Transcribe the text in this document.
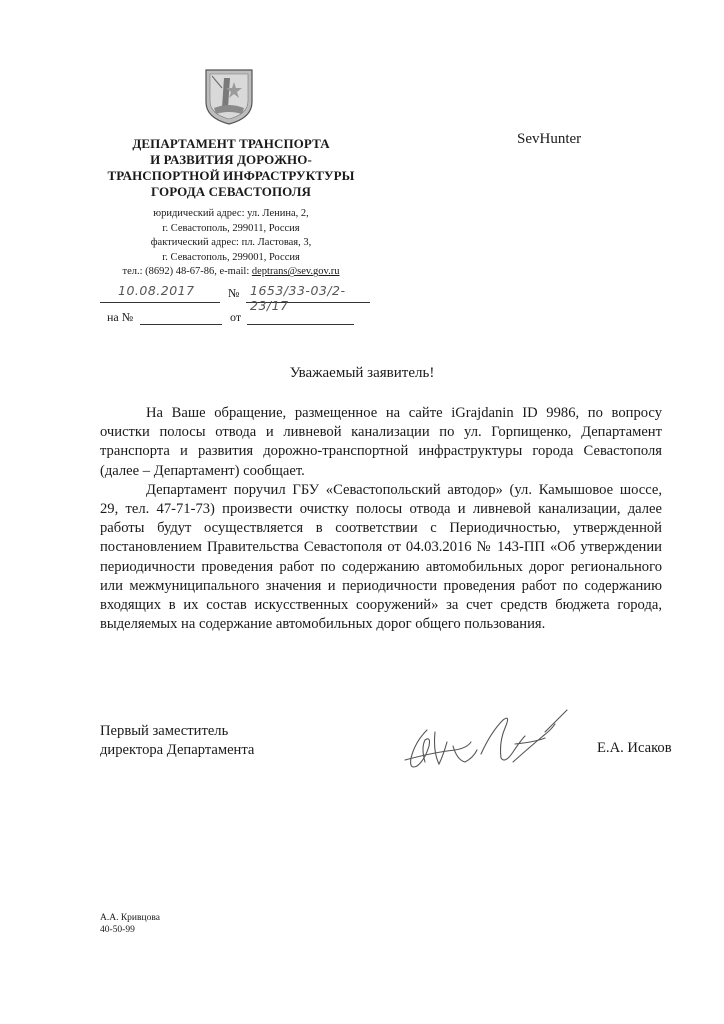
ДЕПАРТАМЕНТ ТРАНСПОРТА
И РАЗВИТИЯ ДОРОЖНО-
ТРАНСПОРТНОЙ ИНФРАСТРУКТУРЫ
ГОРОДА СЕВАСТОПОЛЯ
юридический адрес: ул. Ленина, 2,
г. Севастополь, 299011, Россия
фактический адрес: пл. Ластовая, 3,
г. Севастополь, 299001, Россия
тел.: (8692) 48-67-86, e-mail: deptrans@sev.gov.ru
SevHunter
10.08.2017	№ 1653/33-03/2-23/17
на №	от
Уважаемый заявитель!

На Ваше обращение, размещенное на сайте iGrajdanin ID 9986, по вопросу очистки полосы отвода и ливневой канализации по ул. Горпищенко, Департамент транспорта и развития дорожно-транспортной инфраструктуры города Севастополя (далее – Департамент) сообщает.

Департамент поручил ГБУ «Севастопольский автодор» (ул. Камышовое шоссе, 29, тел. 47-71-73) произвести очистку полосы отвода и ливневой канализации, далее работы будут осуществляется в соответствии с Периодичностью, утвержденной постановлением Правительства Севастополя от 04.03.2016 № 143-ПП «Об утверждении периодичности проведения работ по содержанию автомобильных дорог регионального или межмуниципального значения и периодичности проведения работ по содержанию входящих в их состав искусственных сооружений» за счет средств бюджета города, выделяемых на содержание автомобильных дорог общего пользования.

Первый заместитель
директора Департамента	Е.А. Исаков
А.А. Кривцова
40-50-99
